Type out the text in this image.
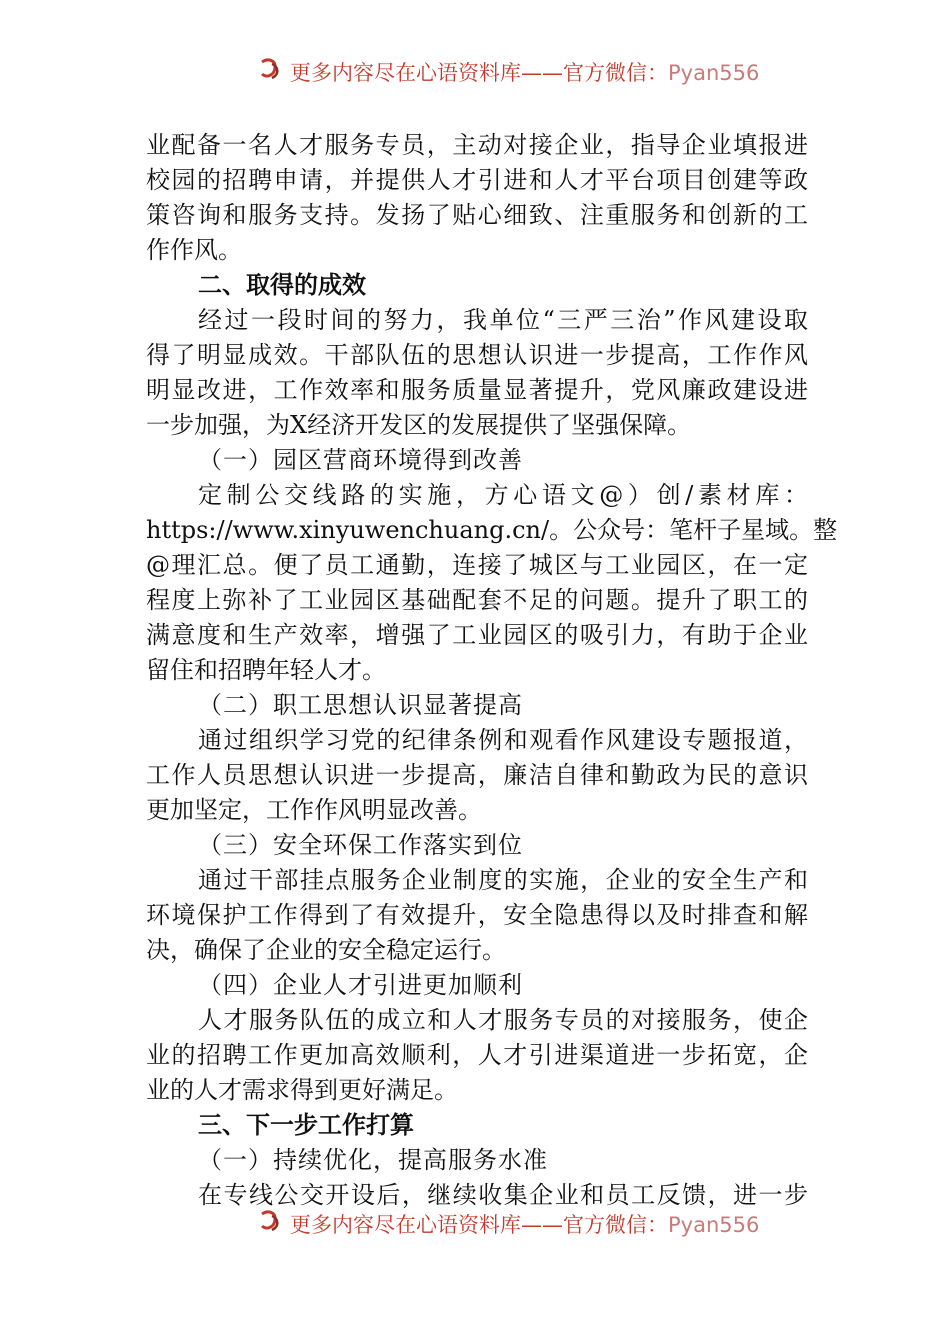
更多内容尽在心语资料库——官方微信：Pyan556
业配备一名人才服务专员，主动对接企业，指导企业填报进
校园的招聘申请，并提供人才引进和人才平台项目创建等政
策咨询和服务支持。发扬了贴心细致、注重服务和创新的工
作作风。
二、取得的成效
经过一段时间的努力，我单位“三严三治”作风建设取
得了明显成效。干部队伍的思想认识进一步提高，工作作风
明显改进，工作效率和服务质量显著提升，党风廉政建设进
一步加强，为X经济开发区的发展提供了坚强保障。
（一）园区营商环境得到改善
定制公交线路的实施，方心语文@）创/素材库：
https://www.xinyuwenchuang.cn/。公众号：笔杆子星域。整
@理汇总。便了员工通勤，连接了城区与工业园区，在一定
程度上弥补了工业园区基础配套不足的问题。提升了职工的
满意度和生产效率，增强了工业园区的吸引力，有助于企业
留住和招聘年轻人才。
（二）职工思想认识显著提高
通过组织学习党的纪律条例和观看作风建设专题报道，
工作人员思想认识进一步提高，廉洁自律和勤政为民的意识
更加坚定，工作作风明显改善。
（三）安全环保工作落实到位
通过干部挂点服务企业制度的实施，企业的安全生产和
环境保护工作得到了有效提升，安全隐患得以及时排查和解
决，确保了企业的安全稳定运行。
（四）企业人才引进更加顺利
人才服务队伍的成立和人才服务专员的对接服务，使企
业的招聘工作更加高效顺利，人才引进渠道进一步拓宽，企
业的人才需求得到更好满足。
三、下一步工作打算
（一）持续优化，提高服务水准
在专线公交开设后，继续收集企业和员工反馈，进一步
更多内容尽在心语资料库——官方微信：Pyan556
